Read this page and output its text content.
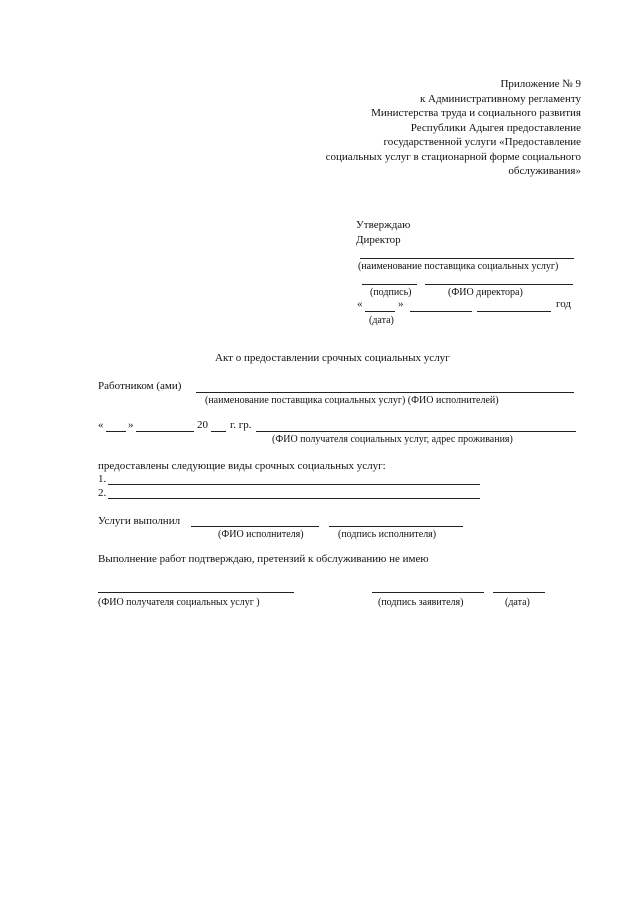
Приложение № 9
к Административному регламенту
Министерства труда и социального развития
Республики Адыгея предоставление
государственной услуги «Предоставление
социальных услуг в стационарной форме социального
обслуживания»
Утверждаю
Директор
(наименование поставщика социальных услуг)
(подпись)	(ФИО директора)
«	»	год
(дата)
Акт о предоставлении срочных социальных услуг
Работником (ами)
(наименование поставщика социальных услуг) (ФИО исполнителей)
« »	20 г. гр.
(ФИО получателя социальных услуг, адрес проживания)
предоставлены следующие виды срочных социальных услуг:
1.
2.
Услуги выполнил
(ФИО исполнителя)	(подпись исполнителя)
Выполнение работ подтверждаю, претензий к обслуживанию не имею
(ФИО получателя социальных услуг )	(подпись заявителя)	(дата)
